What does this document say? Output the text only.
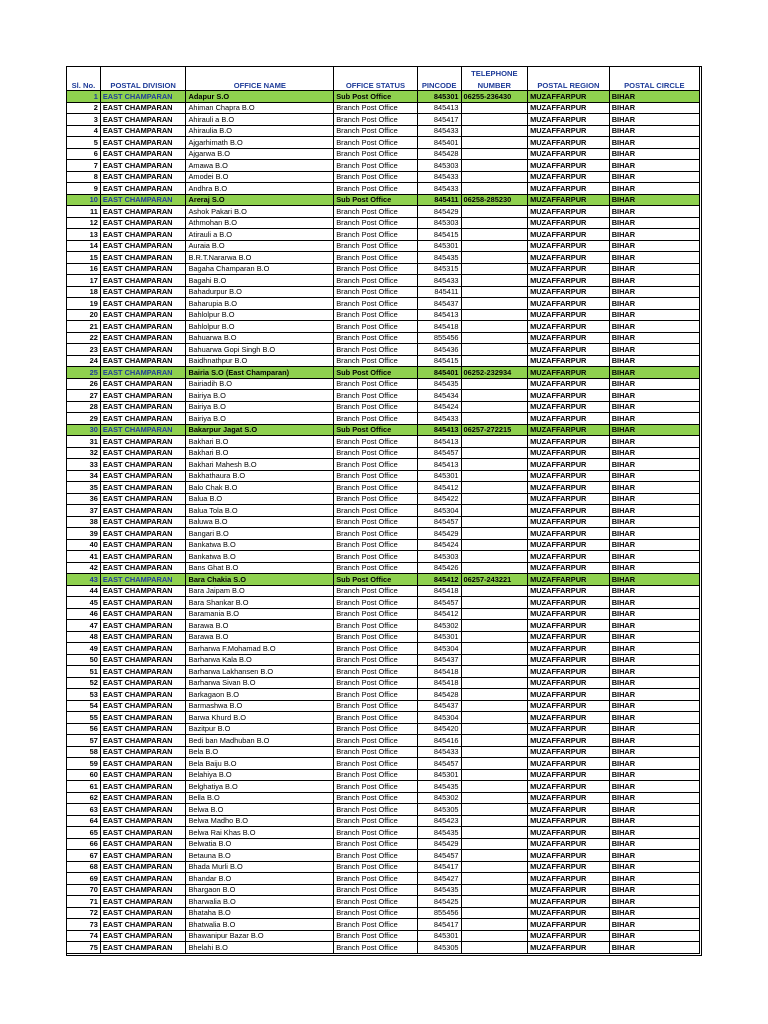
					TELEPHONE		
Sl. No.	POSTAL DIVISION	OFFICE NAME	OFFICE STATUS	PINCODE	NUMBER	POSTAL REGION	POSTAL CIRCLE
1	EAST CHAMPARAN	Adapur S.O	Sub Post Office	845301	06255-236430	MUZAFFARPUR	BIHAR
2	EAST CHAMPARAN	Ahiman Chapra B.O	Branch Post Office	845413		MUZAFFARPUR	BIHAR
3	EAST CHAMPARAN	Ahirauli a B.O	Branch Post Office	845417		MUZAFFARPUR	BIHAR
4	EAST CHAMPARAN	Ahiraulia B.O	Branch Post Office	845433		MUZAFFARPUR	BIHAR
5	EAST CHAMPARAN	Ajgarhimath B.O	Branch Post Office	845401		MUZAFFARPUR	BIHAR
6	EAST CHAMPARAN	Ajgarwa B.O	Branch Post Office	845428		MUZAFFARPUR	BIHAR
7	EAST CHAMPARAN	Amawa B.O	Branch Post Office	845303		MUZAFFARPUR	BIHAR
8	EAST CHAMPARAN	Amodei B.O	Branch Post Office	845433		MUZAFFARPUR	BIHAR
9	EAST CHAMPARAN	Andhra B.O	Branch Post Office	845433		MUZAFFARPUR	BIHAR
10	EAST CHAMPARAN	Areraj S.O	Sub Post Office	845411	06258-285230	MUZAFFARPUR	BIHAR
11	EAST CHAMPARAN	Ashok Pakari B.O	Branch Post Office	845429		MUZAFFARPUR	BIHAR
12	EAST CHAMPARAN	Athmohan B.O	Branch Post Office	845303		MUZAFFARPUR	BIHAR
13	EAST CHAMPARAN	Atirauli a B.O	Branch Post Office	845415		MUZAFFARPUR	BIHAR
14	EAST CHAMPARAN	Auraia B.O	Branch Post Office	845301		MUZAFFARPUR	BIHAR
15	EAST CHAMPARAN	B.R.T.Nararwa B.O	Branch Post Office	845435		MUZAFFARPUR	BIHAR
16	EAST CHAMPARAN	Bagaha Champaran B.O	Branch Post Office	845315		MUZAFFARPUR	BIHAR
17	EAST CHAMPARAN	Bagahi B.O	Branch Post Office	845433		MUZAFFARPUR	BIHAR
18	EAST CHAMPARAN	Bahadurpur B.O	Branch Post Office	845411		MUZAFFARPUR	BIHAR
19	EAST CHAMPARAN	Baharupia B.O	Branch Post Office	845437		MUZAFFARPUR	BIHAR
20	EAST CHAMPARAN	Bahlolpur B.O	Branch Post Office	845413		MUZAFFARPUR	BIHAR
21	EAST CHAMPARAN	Bahlolpur B.O	Branch Post Office	845418		MUZAFFARPUR	BIHAR
22	EAST CHAMPARAN	Bahuarwa B.O	Branch Post Office	855456		MUZAFFARPUR	BIHAR
23	EAST CHAMPARAN	Bahuarwa Gopi Singh B.O	Branch Post Office	845436		MUZAFFARPUR	BIHAR
24	EAST CHAMPARAN	Baidhnathpur B.O	Branch Post Office	845415		MUZAFFARPUR	BIHAR
25	EAST CHAMPARAN	Bairia S.O (East Champaran)	Sub Post Office	845401	06252-232934	MUZAFFARPUR	BIHAR
26	EAST CHAMPARAN	Bairiadih B.O	Branch Post Office	845435		MUZAFFARPUR	BIHAR
27	EAST CHAMPARAN	Bairiya B.O	Branch Post Office	845434		MUZAFFARPUR	BIHAR
28	EAST CHAMPARAN	Bairiya B.O	Branch Post Office	845424		MUZAFFARPUR	BIHAR
29	EAST CHAMPARAN	Bairiya B.O	Branch Post Office	845433		MUZAFFARPUR	BIHAR
30	EAST CHAMPARAN	Bakarpur Jagat S.O	Sub Post Office	845413	06257-272215	MUZAFFARPUR	BIHAR
31	EAST CHAMPARAN	Bakhari B.O	Branch Post Office	845413		MUZAFFARPUR	BIHAR
32	EAST CHAMPARAN	Bakhari B.O	Branch Post Office	845457		MUZAFFARPUR	BIHAR
33	EAST CHAMPARAN	Bakhari Mahesh B.O	Branch Post Office	845413		MUZAFFARPUR	BIHAR
34	EAST CHAMPARAN	Bakhathaura B.O	Branch Post Office	845301		MUZAFFARPUR	BIHAR
35	EAST CHAMPARAN	Balo Chak B.O	Branch Post Office	845412		MUZAFFARPUR	BIHAR
36	EAST CHAMPARAN	Balua B.O	Branch Post Office	845422		MUZAFFARPUR	BIHAR
37	EAST CHAMPARAN	Balua Tola B.O	Branch Post Office	845304		MUZAFFARPUR	BIHAR
38	EAST CHAMPARAN	Baluwa B.O	Branch Post Office	845457		MUZAFFARPUR	BIHAR
39	EAST CHAMPARAN	Bangari B.O	Branch Post Office	845429		MUZAFFARPUR	BIHAR
40	EAST CHAMPARAN	Bankatwa B.O	Branch Post Office	845424		MUZAFFARPUR	BIHAR
41	EAST CHAMPARAN	Bankatwa B.O	Branch Post Office	845303		MUZAFFARPUR	BIHAR
42	EAST CHAMPARAN	Bans Ghat B.O	Branch Post Office	845426		MUZAFFARPUR	BIHAR
43	EAST CHAMPARAN	Bara Chakia S.O	Sub Post Office	845412	06257-243221	MUZAFFARPUR	BIHAR
44	EAST CHAMPARAN	Bara Jaipam B.O	Branch Post Office	845418		MUZAFFARPUR	BIHAR
45	EAST CHAMPARAN	Bara Shankar B.O	Branch Post Office	845457		MUZAFFARPUR	BIHAR
46	EAST CHAMPARAN	Baramania B.O	Branch Post Office	845412		MUZAFFARPUR	BIHAR
47	EAST CHAMPARAN	Barawa B.O	Branch Post Office	845302		MUZAFFARPUR	BIHAR
48	EAST CHAMPARAN	Barawa B.O	Branch Post Office	845301		MUZAFFARPUR	BIHAR
49	EAST CHAMPARAN	Barharwa F.Mohamad B.O	Branch Post Office	845304		MUZAFFARPUR	BIHAR
50	EAST CHAMPARAN	Barharwa Kala B.O	Branch Post Office	845437		MUZAFFARPUR	BIHAR
51	EAST CHAMPARAN	Barharwa Lakhansen B.O	Branch Post Office	845418		MUZAFFARPUR	BIHAR
52	EAST CHAMPARAN	Barharwa Sivan B.O	Branch Post Office	845418		MUZAFFARPUR	BIHAR
53	EAST CHAMPARAN	Barkagaon B.O	Branch Post Office	845428		MUZAFFARPUR	BIHAR
54	EAST CHAMPARAN	Barmashwa B.O	Branch Post Office	845437		MUZAFFARPUR	BIHAR
55	EAST CHAMPARAN	Barwa Khurd B.O	Branch Post Office	845304		MUZAFFARPUR	BIHAR
56	EAST CHAMPARAN	Bazitpur B.O	Branch Post Office	845420		MUZAFFARPUR	BIHAR
57	EAST CHAMPARAN	Bedi ban Madhuban B.O	Branch Post Office	845416		MUZAFFARPUR	BIHAR
58	EAST CHAMPARAN	Bela B.O	Branch Post Office	845433		MUZAFFARPUR	BIHAR
59	EAST CHAMPARAN	Bela Baiju B.O	Branch Post Office	845457		MUZAFFARPUR	BIHAR
60	EAST CHAMPARAN	Belahiya B.O	Branch Post Office	845301		MUZAFFARPUR	BIHAR
61	EAST CHAMPARAN	Belghatiya B.O	Branch Post Office	845435		MUZAFFARPUR	BIHAR
62	EAST CHAMPARAN	Bella B.O	Branch Post Office	845302		MUZAFFARPUR	BIHAR
63	EAST CHAMPARAN	Belwa B.O	Branch Post Office	845305		MUZAFFARPUR	BIHAR
64	EAST CHAMPARAN	Belwa Madho B.O	Branch Post Office	845423		MUZAFFARPUR	BIHAR
65	EAST CHAMPARAN	Belwa Rai Khas B.O	Branch Post Office	845435		MUZAFFARPUR	BIHAR
66	EAST CHAMPARAN	Belwatia B.O	Branch Post Office	845429		MUZAFFARPUR	BIHAR
67	EAST CHAMPARAN	Betauna B.O	Branch Post Office	845457		MUZAFFARPUR	BIHAR
68	EAST CHAMPARAN	Bhada Murli B.O	Branch Post Office	845417		MUZAFFARPUR	BIHAR
69	EAST CHAMPARAN	Bhandar B.O	Branch Post Office	845427		MUZAFFARPUR	BIHAR
70	EAST CHAMPARAN	Bhargaon B.O	Branch Post Office	845435		MUZAFFARPUR	BIHAR
71	EAST CHAMPARAN	Bharwalia B.O	Branch Post Office	845425		MUZAFFARPUR	BIHAR
72	EAST CHAMPARAN	Bhataha B.O	Branch Post Office	855456		MUZAFFARPUR	BIHAR
73	EAST CHAMPARAN	Bhatwalia B.O	Branch Post Office	845417		MUZAFFARPUR	BIHAR
74	EAST CHAMPARAN	Bhawanipur Bazar B.O	Branch Post Office	845301		MUZAFFARPUR	BIHAR
75	EAST CHAMPARAN	Bhelahi B.O	Branch Post Office	845305		MUZAFFARPUR	BIHAR
